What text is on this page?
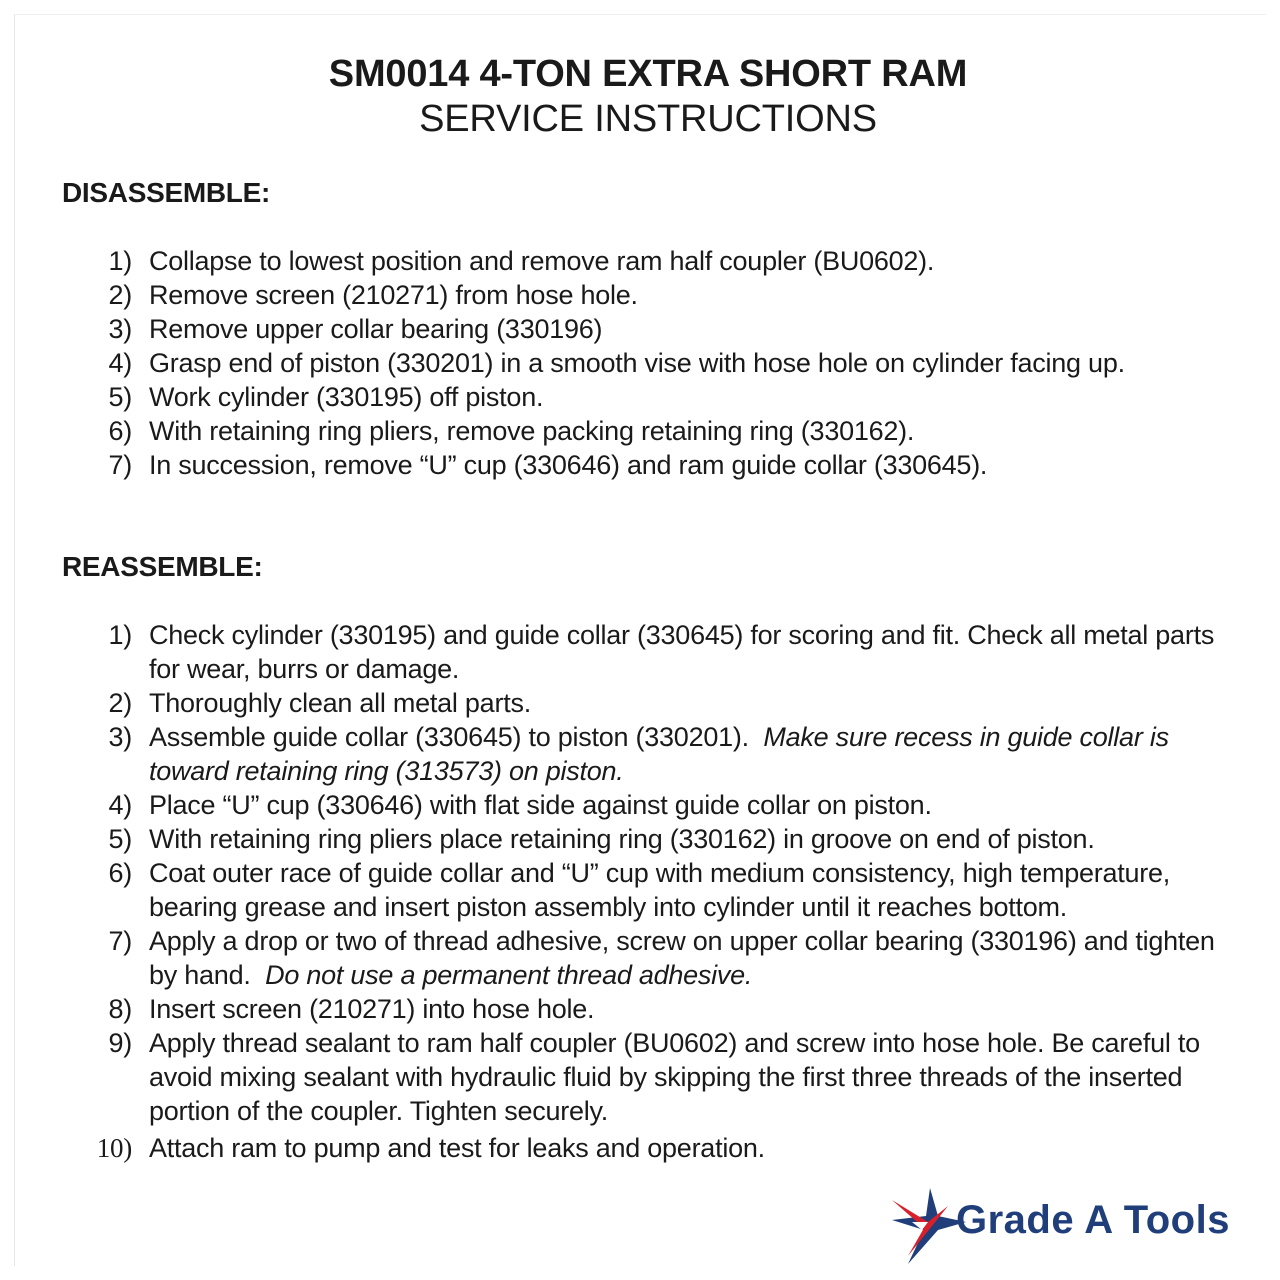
SM0014 4-TON EXTRA SHORT RAM
SERVICE INSTRUCTIONS
DISASSEMBLE:
1) Collapse to lowest position and remove ram half coupler (BU0602).
2) Remove screen (210271) from hose hole.
3) Remove upper collar bearing (330196)
4) Grasp end of piston (330201) in a smooth vise with hose hole on cylinder facing up.
5) Work cylinder (330195) off piston.
6) With retaining ring pliers, remove packing retaining ring (330162).
7) In succession, remove “U” cup (330646) and ram guide collar (330645).
REASSEMBLE:
1) Check cylinder (330195) and guide collar (330645) for scoring and fit. Check all metal parts for wear, burrs or damage.
2) Thoroughly clean all metal parts.
3) Assemble guide collar (330645) to piston (330201). Make sure recess in guide collar is toward retaining ring (313573) on piston.
4) Place “U” cup (330646) with flat side against guide collar on piston.
5) With retaining ring pliers place retaining ring (330162) in groove on end of piston.
6) Coat outer race of guide collar and “U” cup with medium consistency, high temperature, bearing grease and insert piston assembly into cylinder until it reaches bottom.
7) Apply a drop or two of thread adhesive, screw on upper collar bearing (330196) and tighten by hand. Do not use a permanent thread adhesive.
8) Insert screen (210271) into hose hole.
9) Apply thread sealant to ram half coupler (BU0602) and screw into hose hole. Be careful to avoid mixing sealant with hydraulic fluid by skipping the first three threads of the inserted portion of the coupler. Tighten securely.
10) Attach ram to pump and test for leaks and operation.
Grade A Tools
